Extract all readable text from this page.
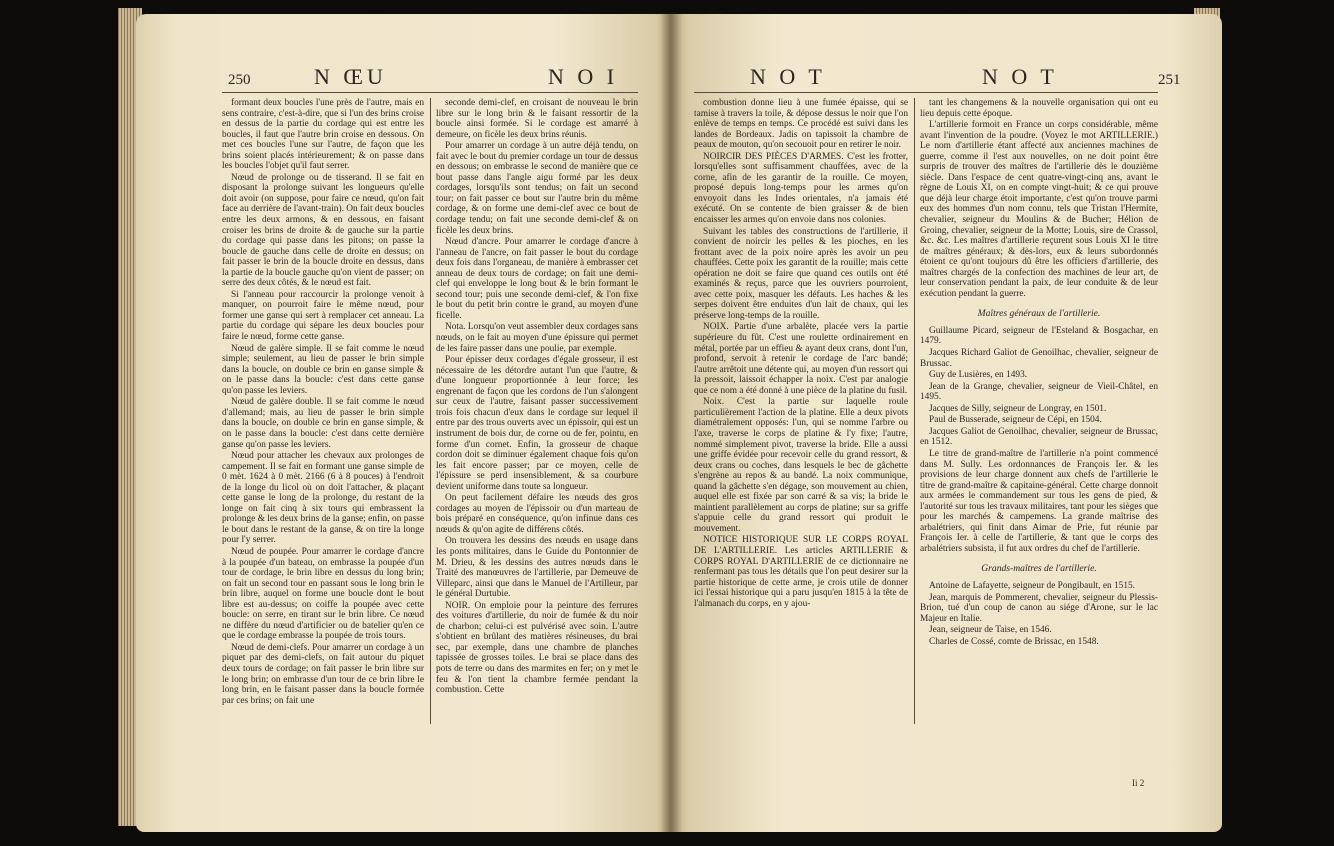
250	N ŒU	N O I

formant deux boucles l'une près de l'autre, mais en sens contraire, c'est-à-dire, que si l'un des brins croise en dessus de la partie du cordage qui est entre les boucles, il faut que l'autre brin croise en dessous. On met ces boucles l'une sur l'autre, de façon que les brins soient placés intérieurement; & on passe dans les boucles l'objet qu'il faut serrer.

Nœud de prolonge ou de tisserand. Il se fait en disposant la prolonge suivant les longueurs qu'elle doit avoir (on suppose, pour faire ce nœud, qu'on fait face au derrière de l'avant-train). On fait deux boucles entre les deux armons, & en dessous, en faisant croiser les brins de droite & de gauche sur la partie du cordage qui passe dans les pitons; on passe la boucle de gauche dans celle de droite en dessus; on fait passer le brin de la boucle droite en dessus, dans la partie de la boucle gauche qu'on vient de passer; on serre des deux côtés, & le nœud est fait.

Si l'anneau pour raccourcir la prolonge venoit à manquer, on pourroit faire le même nœud, pour former une ganse qui sert à remplacer cet anneau. La partie du cordage qui sépare les deux boucles pour faire le nœud, forme cette ganse.

Nœud de galère simple. Il se fait comme le nœud simple; seulement, au lieu de passer le brin simple dans la boucle, on double ce brin en ganse simple & on le passe dans la boucle: c'est dans cette ganse qu'on passe les leviers.

Nœud de galère double. Il se fait comme le nœud d'allemand; mais, au lieu de passer le brin simple dans la boucle, on double ce brin en ganse simple, & on le passe dans la boucle: c'est dans cette dernière ganse qu'on passe les leviers.

Nœud pour attacher les chevaux aux prolonges de campement. Il se fait en formant une ganse simple de 0 mèt. 1624 à 0 mèt. 2166 (6 à 8 pouces) à l'endroit de la longe du licol où on doit l'attacher, & plaçant cette ganse le long de la prolonge, du restant de la longe on fait cinq à six tours qui embrassent la prolonge & les deux brins de la ganse; enfin, on passe le bout dans le restant de la ganse, & on tire la longe pour l'y serrer.

Nœud de poupée. Pour amarrer le cordage d'ancre à la poupée d'un bateau, on embrasse la poupée d'un tour de cordage, le brin libre en dessus du long brin; on fait un second tour en passant sous le long brin le brin libre, auquel on forme une boucle dont le bout libre est au-dessus; on coiffe la poupée avec cette boucle: on serre, en tirant sur le brin libre. Ce nœud ne diffère du nœud d'artificier ou de batelier qu'en ce que le cordage embrasse la poupée de trois tours.

Nœud de demi-clefs. Pour amarrer un cordage à un piquet par des demi-clefs, on fait autour du piquet deux tours de cordage; on fait passer le brin libre sur le long brin; on embrasse d'un tour de ce brin libre le long brin, en le faisant passer dans la boucle formée par ces brins; on fait une

seconde demi-clef, en croisant de nouveau le brin libre sur le long brin & le faisant ressortir de la boucle ainsi formée. Si le cordage est amarré à demeure, on ficèle les deux brins réunis.

Pour amarrer un cordage à un autre déjà tendu, on fait avec le bout du premier cordage un tour de dessus en dessous; on embrasse le second de manière que ce bout passe dans l'angle aigu formé par les deux cordages, lorsqu'ils sont tendus; on fait un second tour; on fait passer ce bout sur l'autre brin du même cordage, & on forme une demi-clef avec ce bout de cordage tendu; on fait une seconde demi-clef & on ficèle les deux brins.

Nœud d'ancre. Pour amarrer le cordage d'ancre à l'anneau de l'ancre, on fait passer le bout du cordage deux fois dans l'organeau, de manière à embrasser cet anneau de deux tours de cordage; on fait une demi-clef qui enveloppe le long bout & le brin formant le second tour; puis une seconde demi-clef, & l'on fixe le bout du petit brin contre le grand, au moyen d'une ficelle.

Nota. Lorsqu'on veut assembler deux cordages sans nœuds, on le fait au moyen d'une épissure qui permet de les faire passer dans une poulie, par exemple.

Pour épisser deux cordages d'égale grosseur, il est nécessaire de les détordre autant l'un que l'autre, & d'une longueur proportionnée à leur force; les engrenant de façon que les cordons de l'un s'alongent sur ceux de l'autre, faisant passer successivement trois fois chacun d'eux dans le cordage sur lequel il entre par des trous ouverts avec un épissoir, qui est un instrument de bois dur, de corne ou de fer, pointu, en forme d'un cornet. Enfin, la grosseur de chaque cordon doit se diminuer également chaque fois qu'on les fait encore passer; par ce moyen, celle de l'épissure se perd insensiblement, & sa courbure devient uniforme dans toute sa longueur.

On peut facilement défaire les nœuds des gros cordages au moyen de l'épissoir ou d'un marteau de bois préparé en conséquence, qu'on infinue dans ces nœuds & qu'on agite de différens côtés.

On trouvera les dessins des nœuds en usage dans les ponts militaires, dans le Guide du Pontonnier de M. Drieu, & les dessins des autres nœuds dans le Traité des manœuvres de l'artillerie, par Demeuve de Villeparc, ainsi que dans le Manuel de l'Artilleur, par le général Durtubie.

NOIR. On emploie pour la peinture des ferrures des voitures d'artillerie, du noir de fumée & du noir de charbon; celui-ci est pulvérisé avec soin. L'autre s'obtient en brûlant des matières résineuses, du brai sec, par exemple, dans une chambre de planches tapissée de grosses toiles. Le brai se place dans des pots de terre ou dans des marmites en fer; on y met le feu & l'on tient la chambre fermée pendant la combustion. Cette

N O T	N O T	251

combustion donne lieu à une fumée épaisse, qui se tamise à travers la toile, & dépose dessus le noir que l'on enlève de temps en temps. Ce procédé est suivi dans les landes de Bordeaux. Jadis on tapissoit la chambre de peaux de mouton, qu'on secouoit pour en retirer le noir.

NOIRCIR DES PIÈCES D'ARMES. C'est les frotter, lorsqu'elles sont suffisamment chauffées, avec de la corne, afin de les garantir de la rouille. Ce moyen, proposé depuis long-temps pour les armes qu'on envoyoit dans les Indes orientales, n'a jamais été exécuté. On se contente de bien graisser & de bien encaisser les armes qu'on envoie dans nos colonies.

Suivant les tables des constructions de l'artillerie, il convient de noircir les pelles & les pioches, en les frottant avec de la poix noire après les avoir un peu chauffées. Cette poix les garantit de la rouille; mais cette opération ne doit se faire que quand ces outils ont été examinés & reçus, parce que les ouvriers pourroient, avec cette poix, masquer les défauts. Les haches & les serpes doivent être enduites d'un lait de chaux, qui les préserve long-temps de la rouille.

NOIX. Partie d'une arbalète, placée vers la partie supérieure du fût. C'est une roulette ordinairement en métal, portée par un effieu & ayant deux crans, dont l'un, profond, servoit à retenir le cordage de l'arc bandé; l'autre arrêtoit une détente qui, au moyen d'un ressort qui la pressoit, laissoit échapper la noix. C'est par analogie que ce nom a été donné à une pièce de la platine du fusil.

Noix. C'est la partie sur laquelle roule particulièrement l'action de la platine. Elle a deux pivots diamétralement opposés: l'un, qui se nomme l'arbre ou l'axe, traverse le corps de platine & l'y fixe; l'autre, nommé simplement pivot, traverse la bride. Elle a aussi une griffe évidée pour recevoir celle du grand ressort, & deux crans ou coches, dans lesquels le bec de gâchette s'engrène au repos & au bandé. La noix communique, quand la gâchette s'en dégage, son mouvement au chien, auquel elle est fixée par son carré & sa vis; la bride le maintient parallèlement au corps de platine; sur sa griffe s'appuie celle du grand ressort qui produit le mouvement.

NOTICE HISTORIQUE SUR LE CORPS ROYAL DE L'ARTILLERIE. Les articles ARTILLERIE & CORPS ROYAL D'ARTILLERIE de ce dictionnaire ne renfermant pas tous les détails que l'on peut desirer sur la partie historique de cette arme, je crois utile de donner ici l'essai historique qui a paru jusqu'en 1815 à la tête de l'almanach du corps, en y ajou-

tant les changemens & la nouvelle organisation qui ont eu lieu depuis cette époque.

L'artillerie formoit en France un corps considérable, même avant l'invention de la poudre. (Voyez le mot ARTILLERIE.) Le nom d'artillerie étant affecté aux anciennes machines de guerre, comme il l'est aux nouvelles, on ne doit point être surpris de trouver des maîtres de l'artillerie dès le douzième siècle. Dans l'espace de cent quatre-vingt-cinq ans, avant le règne de Louis XI, on en compte vingt-huit; & ce qui prouve que déjà leur charge étoit importante, c'est qu'on trouve parmi eux des hommes d'un nom connu, tels que Tristan l'Hermite, chevalier, seigneur du Moulins & de Bucher; Hélion de Groing, chevalier, seigneur de la Motte; Louis, sire de Crassol, &c. &c. Les maîtres d'artillerie reçurent sous Louis XI le titre de maîtres généraux; & dès-lors, eux & leurs subordonnés étoient ce qu'ont toujours dû être les officiers d'artillerie, des maîtres chargés de la confection des machines de leur art, de leur conservation pendant la paix, de leur conduite & de leur exécution pendant la guerre.

Maîtres généraux de l'artillerie.

Guillaume Picard, seigneur de l'Esteland & Bosgachar, en 1479.

Jacques Richard Galiot de Genoilhac, chevalier, seigneur de Brussac.

Guy de Lusières, en 1493.

Jean de la Grange, chevalier, seigneur de Vieil-Châtel, en 1495.

Jacques de Silly, seigneur de Longray, en 1501.

Paul de Busserade, seigneur de Cépi, en 1504.

Jacques Galiot de Genoilhac, chevalier, seigneur de Brussac, en 1512.

Le titre de grand-maître de l'artillerie n'a point commencé dans M. Sully. Les ordonnances de François Ier. & les provisions de leur charge donnent aux chefs de l'artillerie le titre de grand-maître & capitaine-général. Cette charge donnoit aux armées le commandement sur tous les gens de pied, & l'autorité sur tous les travaux militaires, tant pour les sièges que pour les marchés & campemens. La grande maîtrise des arbalétriers, qui finit dans Aimar de Prie, fut réunie par François Ier. à celle de l'artillerie, & tant que le corps des arbalétriers subsista, il fut aux ordres du chef de l'artillerie.

Grands-maîtres de l'artillerie.

Antoine de Lafayette, seigneur de Pongibault, en 1515.

Jean, marquis de Pommerent, chevalier, seigneur du Plessis-Brion, tué d'un coup de canon au siége d'Arone, sur le lac Majeur en Italie.

Jean, seigneur de Taise, en 1546.

Charles de Cossé, comte de Brissac, en 1548.

Ii 2
